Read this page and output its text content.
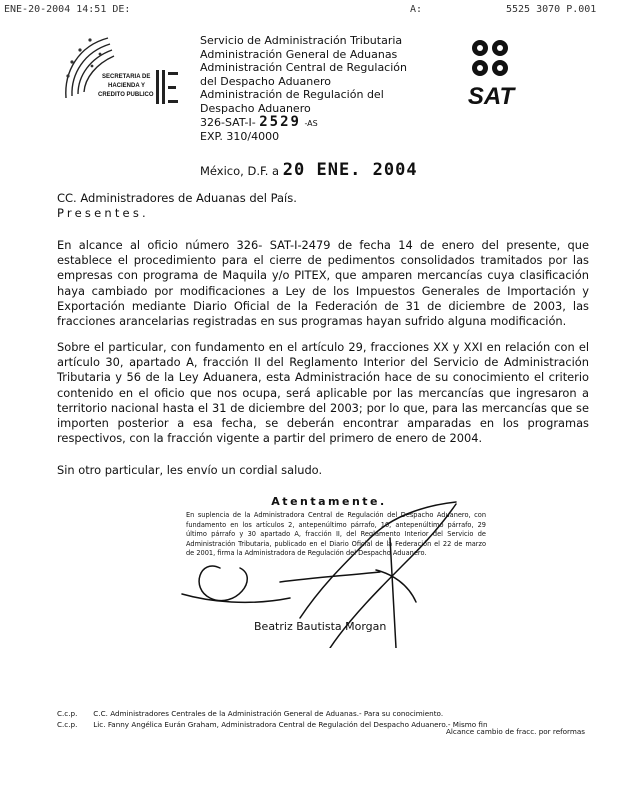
ENE-20-2004 14:51 DE:	A:	5525 3070 P.001
SECRETARIA DE HACIENDA Y CREDITO PUBLICO
Servicio de Administración Tributaria
Administración General de Aduanas
Administración Central de Regulación
del Despacho Aduanero
Administración de Regulación del
Despacho Aduanero
326-SAT-I- 2529 -AS
EXP. 310/4000
SAT
México, D.F. a 20 ENE. 2004
CC. Administradores de Aduanas del País.
Presentes.
En alcance al oficio número 326- SAT-I-2479 de fecha 14 de enero del presente, que establece el procedimiento para el cierre de pedimentos consolidados tramitados por las empresas con programa de Maquila y/o PITEX, que amparen mercancías cuya clasificación haya cambiado por modificaciones a Ley de los Impuestos Generales de Importación y Exportación mediante Diario Oficial de la Federación de 31 de diciembre de 2003, las fracciones arancelarias registradas en sus programas hayan sufrido alguna modificación.
Sobre el particular, con fundamento en el artículo 29, fracciones XX y XXI en relación con el artículo 30, apartado A, fracción II del Reglamento Interior del Servicio de Administración Tributaria y 56 de la Ley Aduanera, esta Administración hace de su conocimiento el criterio contenido en el oficio que nos ocupa, será aplicable por las mercancías que ingresaron a territorio nacional hasta el 31 de diciembre del 2003; por lo que, para las mercancías que se importen posterior a esa fecha, se deberán encontrar amparadas en los programas respectivos, con la fracción vigente a partir del primero de enero de 2004.
Sin otro particular, les envío un cordial saludo.
Atentamente.
En suplencia de la Administradora Central de Regulación del Despacho Aduanero, con fundamento en los artículos 2, antepenúltimo párrafo, 10, antepenúltimo párrafo, 29 último párrafo y 30 apartado A, fracción II, del Reglamento Interior del Servicio de Administración Tributaria, publicado en el Diario Oficial de la Federación el 22 de marzo de 2001, firma la Administradora de Regulación del Despacho Aduanero.
Beatriz Bautista Morgan
C.c.p. C.C. Administradores Centrales de la Administración General de Aduanas.- Para su conocimiento.
C.c.p. Lic. Fanny Angélica Eurán Graham, Administradora Central de Regulación del Despacho Aduanero.- Mismo fin
Alcance cambio de fracc. por reformas
